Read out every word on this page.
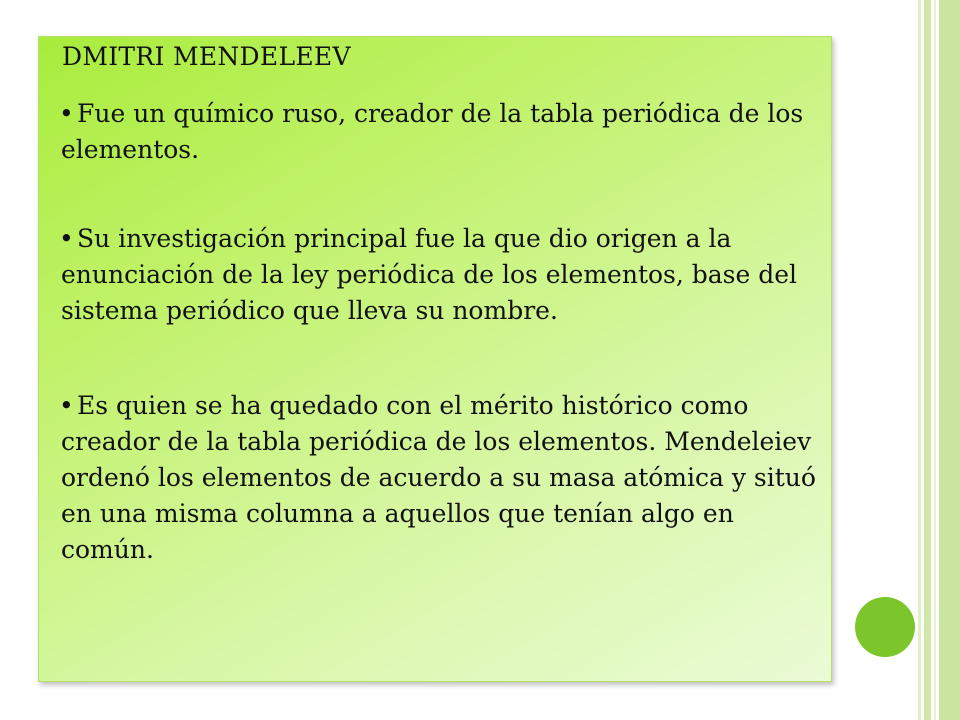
DMITRI MENDELEEV

• Fue un químico ruso, creador de la tabla periódica de los elementos.

• Su investigación principal fue la que dio origen a la enunciación de la ley periódica de los elementos, base del sistema periódico que lleva su nombre.

• Es quien se ha quedado con el mérito histórico como creador de la tabla periódica de los elementos. Mendeleiev ordenó los elementos de acuerdo a su masa atómica y situó en una misma columna a aquellos que tenían algo en común.
